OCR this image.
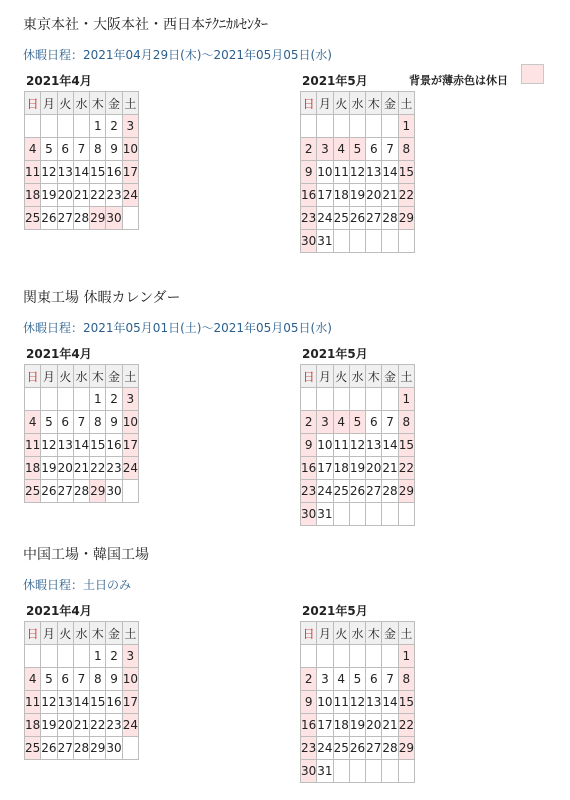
背景が薄赤色は休日
東京本社・大阪本社・西日本ﾃｸﾆｶﾙｾﾝﾀｰ
休暇日程：2021年04月29日(木)～2021年05月05日(水)
2021年4月
日	月	火	水	木	金	土
				1	2	3
4	5	6	7	8	9	10
11	12	13	14	15	16	17
18	19	20	21	22	23	24
25	26	27	28	29	30	
2021年5月
日	月	火	水	木	金	土
						1
2	3	4	5	6	7	8
9	10	11	12	13	14	15
16	17	18	19	20	21	22
23	24	25	26	27	28	29
30	31					
関東工場 休暇カレンダー
休暇日程：2021年05月01日(土)～2021年05月05日(水)
2021年4月
日	月	火	水	木	金	土
				1	2	3
4	5	6	7	8	9	10
11	12	13	14	15	16	17
18	19	20	21	22	23	24
25	26	27	28	29	30	
2021年5月
日	月	火	水	木	金	土
						1
2	3	4	5	6	7	8
9	10	11	12	13	14	15
16	17	18	19	20	21	22
23	24	25	26	27	28	29
30	31					
中国工場・韓国工場
休暇日程：土日のみ
2021年4月
日	月	火	水	木	金	土
				1	2	3
4	5	6	7	8	9	10
11	12	13	14	15	16	17
18	19	20	21	22	23	24
25	26	27	28	29	30	
2021年5月
日	月	火	水	木	金	土
						1
2	3	4	5	6	7	8
9	10	11	12	13	14	15
16	17	18	19	20	21	22
23	24	25	26	27	28	29
30	31					
